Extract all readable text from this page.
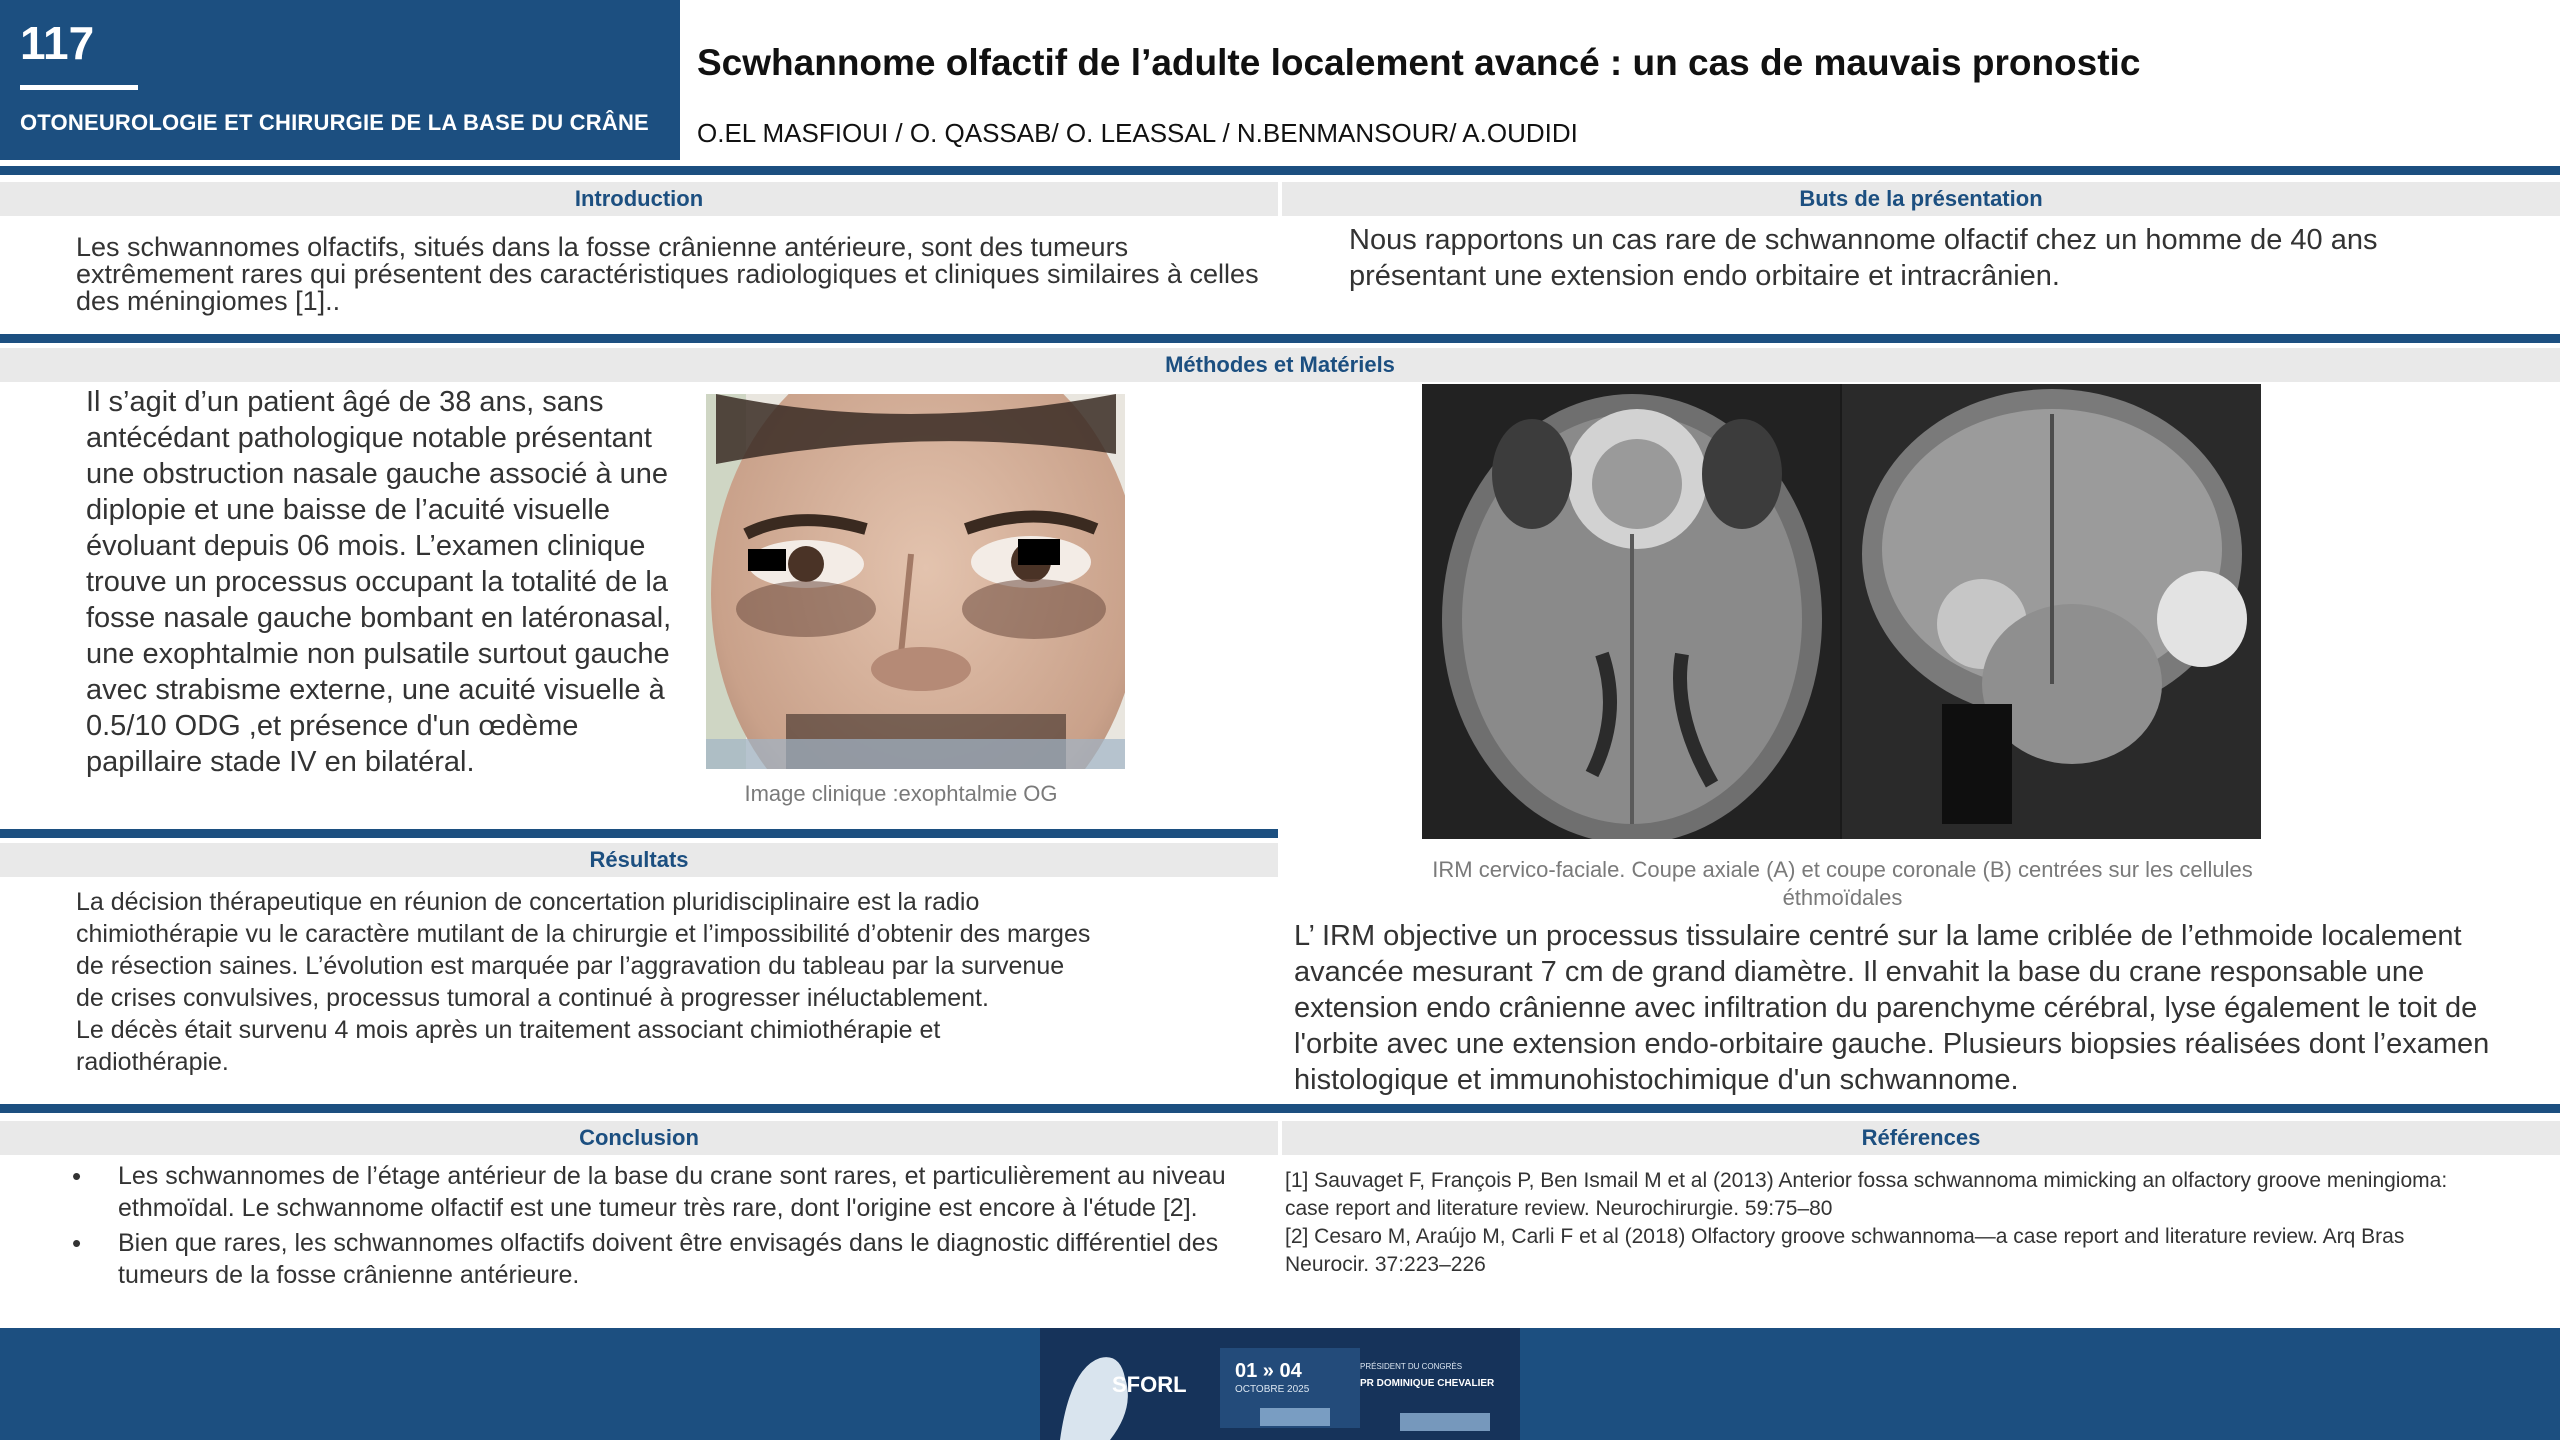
117
OTONEUROLOGIE ET CHIRURGIE DE LA BASE DU CRÂNE
Scwhannome olfactif de l’adulte localement avancé : un cas de mauvais pronostic
O.EL MASFIOUI / O. QASSAB/ O. LEASSAL / N.BENMANSOUR/ A.OUDIDI
Introduction	Buts de la présentation
Les schwannomes olfactifs, situés dans la fosse crânienne antérieure, sont des tumeurs extrêmement rares qui présentent des caractéristiques radiologiques et cliniques similaires à celles des méningiomes [1]..
Nous rapportons un cas rare de schwannome olfactif chez un homme de 40 ans présentant une extension endo orbitaire et intracrânien.
Méthodes et Matériels
Il s’agit d’un patient âgé de 38 ans, sans antécédant pathologique notable présentant une obstruction nasale gauche associé à une diplopie et une baisse de l’acuité visuelle évoluant depuis 06 mois. L’examen clinique trouve un processus occupant la totalité de la fosse nasale gauche bombant en latéronasal, une exophtalmie non pulsatile surtout gauche avec strabisme externe, une acuité visuelle à 0.5/10 ODG ,et présence d'un œdème papillaire stade IV en bilatéral.
Image clinique :exophtalmie OG
IRM cervico-faciale. Coupe axiale (A) et coupe coronale (B) centrées sur les cellules
éthmoïdales
L’ IRM objective un processus tissulaire centré sur la lame criblée de l’ethmoide localement avancée mesurant 7 cm de grand diamètre. Il envahit la base du crane responsable une extension endo crânienne avec infiltration du parenchyme cérébral, lyse également le toit de l'orbite avec une extension endo-orbitaire gauche. Plusieurs biopsies réalisées dont l’examen histologique et immunohistochimique d'un schwannome.
Résultats
La décision thérapeutique en réunion de concertation pluridisciplinaire est la radio chimiothérapie vu le caractère mutilant de la chirurgie et l’impossibilité d’obtenir des marges de résection saines. L’évolution est marquée par l’aggravation du tableau par la survenue de crises convulsives, processus tumoral a continué à progresser inéluctablement.
Le décès était survenu 4 mois après un traitement associant chimiothérapie et radiothérapie.
Conclusion	Références
• Les schwannomes de l’étage antérieur de la base du crane sont rares, et particulièrement au niveau ethmoïdal. Le schwannome olfactif est une tumeur très rare, dont l'origine est encore à l'étude [2].
• Bien que rares, les schwannomes olfactifs doivent être envisagés dans le diagnostic différentiel des tumeurs de la fosse crânienne antérieure.
[1] Sauvaget F, François P, Ben Ismail M et al (2013) Anterior fossa schwannoma mimicking an olfactory groove meningioma: case report and literature review. Neurochirurgie. 59:75–80
[2] Cesaro M, Araújo M, Carli F et al (2018) Olfactory groove schwannoma—a case report and literature review. Arq Bras Neurocir. 37:223–226
SFORL
01 » 04
OCTOBRE 2025
PRÉSIDENT DU CONGRÈS
PR DOMINIQUE CHEVALIER
